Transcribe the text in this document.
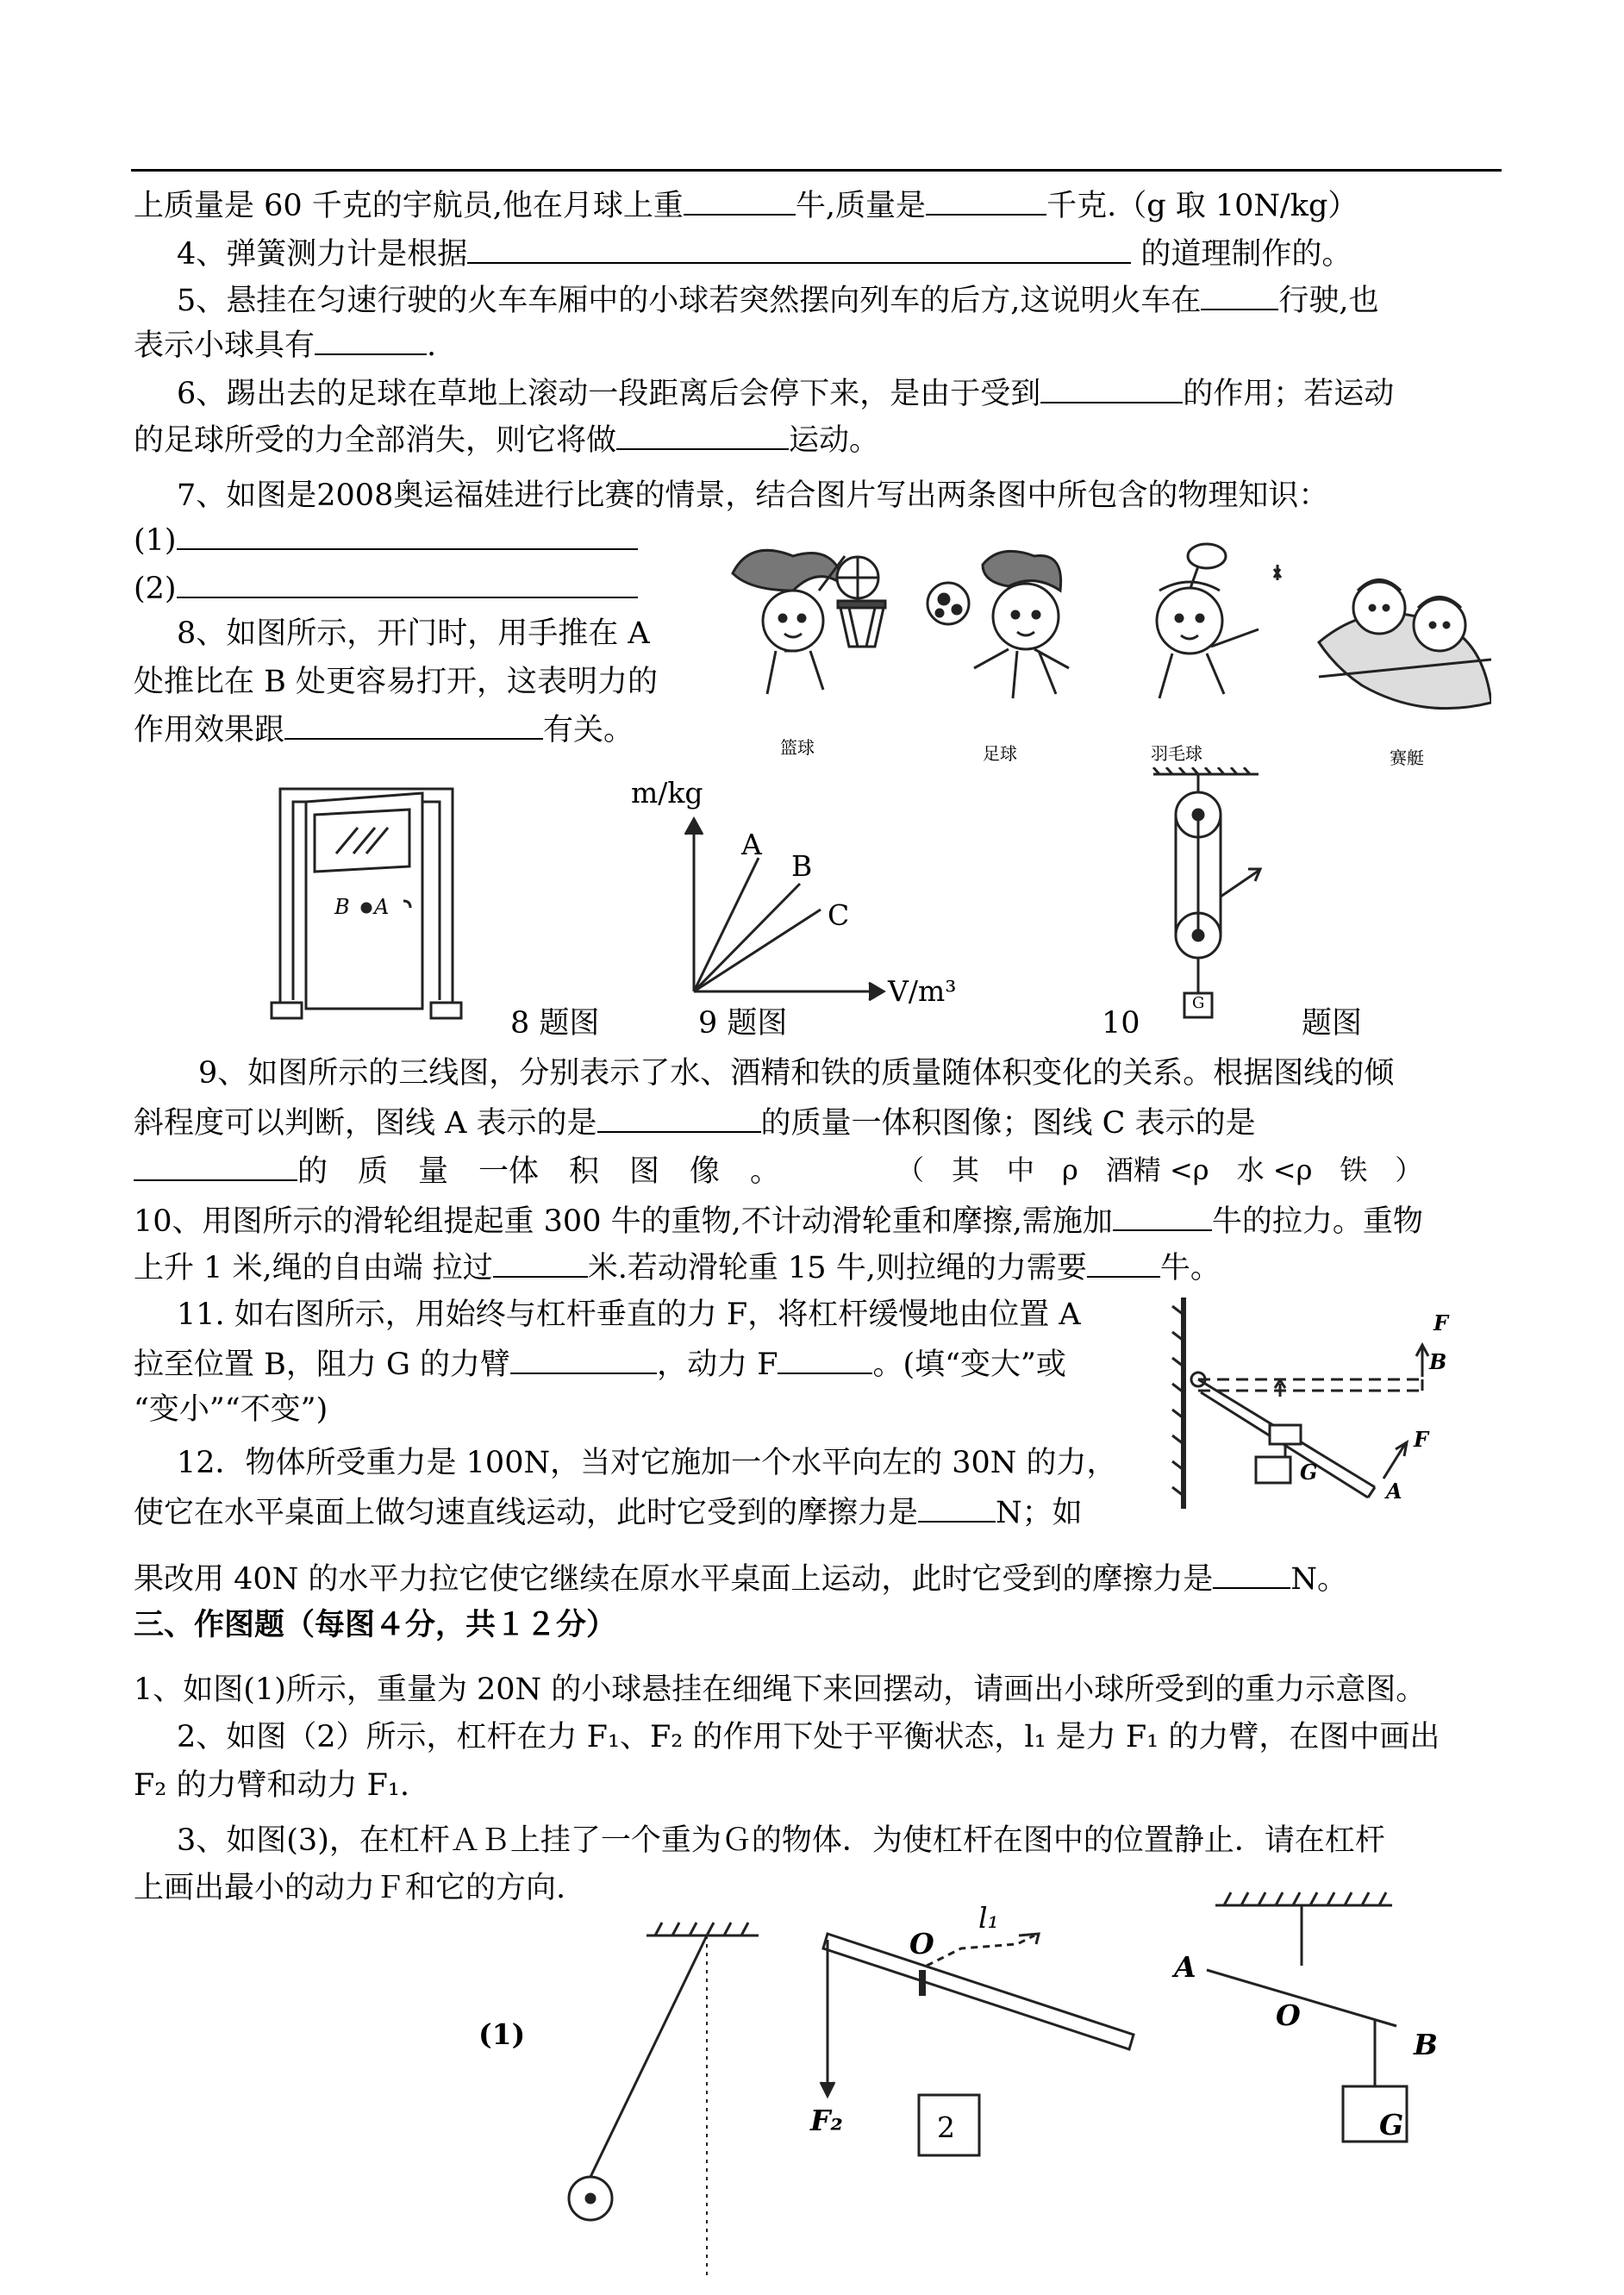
上质量是 60 千克的宇航员,他在月球上重	牛,质量是	千克.（g 取 10N/kg）
4、弹簧测力计是根据	的道理制作的。
5、悬挂在匀速行驶的火车车厢中的小球若突然摆向列车的后方,这说明火车在	行驶,也
表示小球具有	.
6、踢出去的足球在草地上滚动一段距离后会停下来，是由于受到	的作用；若运动
的足球所受的力全部消失，则它将做	运动。
7、如图是2008奥运福娃进行比赛的情景，结合图片写出两条图中所包含的物理知识：
(1)
(2)
8、如图所示，开门时，用手推在 A
处推比在 B 处更容易打开，这表明力的
作用效果跟	有关。	篮球	足球	羽毛球	赛艇
B A
m/kg
V/m³
A
B
C
G
8 题图	9 题图	10	题图
9、如图所示的三线图，分别表示了水、酒精和铁的质量随体积变化的关系。根据图线的倾
斜程度可以判断，图线 A 表示的是	的质量一体积图像；图线 C 表示的是
的　质　量　一体　积　图　像　。	（　其　中　ρ　酒精 <ρ　水 <ρ　铁　）
10、用图所示的滑轮组提起重 300 牛的重物,不计动滑轮重和摩擦,需施加	牛的拉力。重物
上升 1 米,绳的自由端 拉过	米.若动滑轮重 15 牛,则拉绳的力需要 牛。
11. 如右图所示，用始终与杠杆垂直的力 F，将杠杆缓慢地由位置 A
拉至位置 B，阻力 G 的力臂	，动力 F	。(填“变大”或
“变小”“不变”)
F
B
F
G
A
12．物体所受重力是 100N，当对它施加一个水平向左的 30N 的力，
使它在水平桌面上做匀速直线运动，此时它受到的摩擦力是	N；如
果改用 40N 的水平力拉它使它继续在原水平桌面上运动，此时它受到的摩擦力是	N。
三、作图题（每图４分，共１２分）
1、如图(1)所示，重量为 20N 的小球悬挂在细绳下来回摆动，请画出小球所受到的重力示意图。
2、如图（2）所示，杠杆在力 F₁、F₂ 的作用下处于平衡状态，l₁ 是力 F₁ 的力臂，在图中画出
F₂ 的力臂和动力 F₁.
3、如图(3)，在杠杆ＡＢ上挂了一个重为Ｇ的物体．为使杠杆在图中的位置静止．请在杠杆
上画出最小的动力Ｆ和它的方向.
(1)
O
l₁
F₂	2
A
O
B
G
